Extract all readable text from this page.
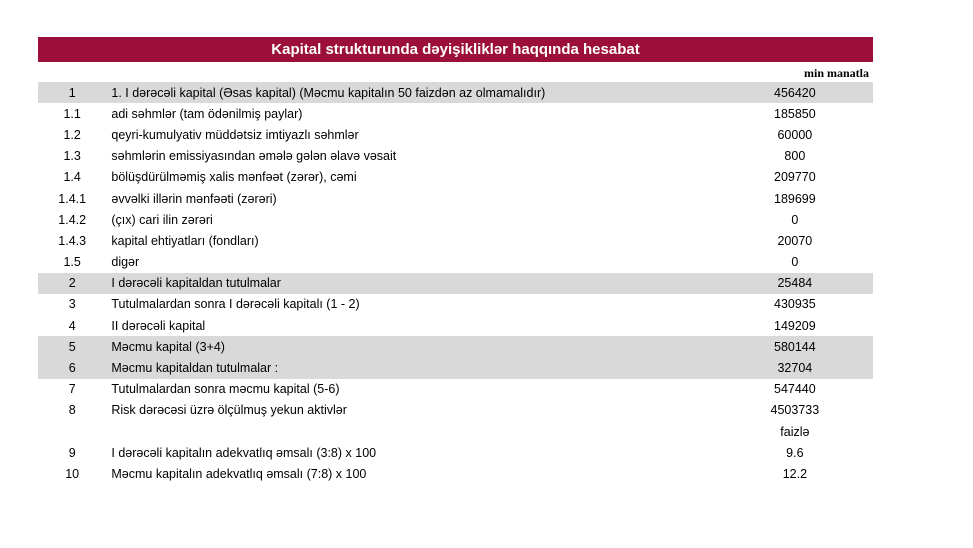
Kapital strukturunda dəyişikliklər haqqında hesabat
min manatla
1	1. I dərəcəli kapital (Əsas kapital) (Məcmu kapitalın 50 faizdən az olmamalıdır)	456420
1.1	adi səhmlər (tam ödənilmiş paylar)	185850
1.2	qeyri-kumulyativ müddətsiz imtiyazlı səhmlər	60000
1.3	səhmlərin emissiyasından əmələ gələn əlavə vəsait	800
1.4	bölüşdürülməmiş xalis mənfəət (zərər), cəmi	209770
1.4.1	əvvəlki illərin mənfəəti (zərəri)	189699
1.4.2	(çıx) cari ilin zərəri	0
1.4.3	kapital ehtiyatları (fondları)	20070
1.5	digər	0
2	I dərəcəli kapitaldan tutulmalar	25484
3	Tutulmalardan sonra I dərəcəli kapitalı (1 - 2)	430935
4	II dərəcəli kapital	149209
5	Məcmu kapital (3+4)	580144
6	Məcmu kapitaldan tutulmalar :	32704
7	Tutulmalardan sonra məcmu kapital (5-6)	547440
8	Risk dərəcəsi üzrə ölçülmuş yekun aktivlər	4503733
faizlə
9	I dərəcəli kapitalın adekvatlıq əmsalı (3:8) x 100	9.6
10	Məcmu kapitalın adekvatlıq əmsalı (7:8) x 100	12.2
